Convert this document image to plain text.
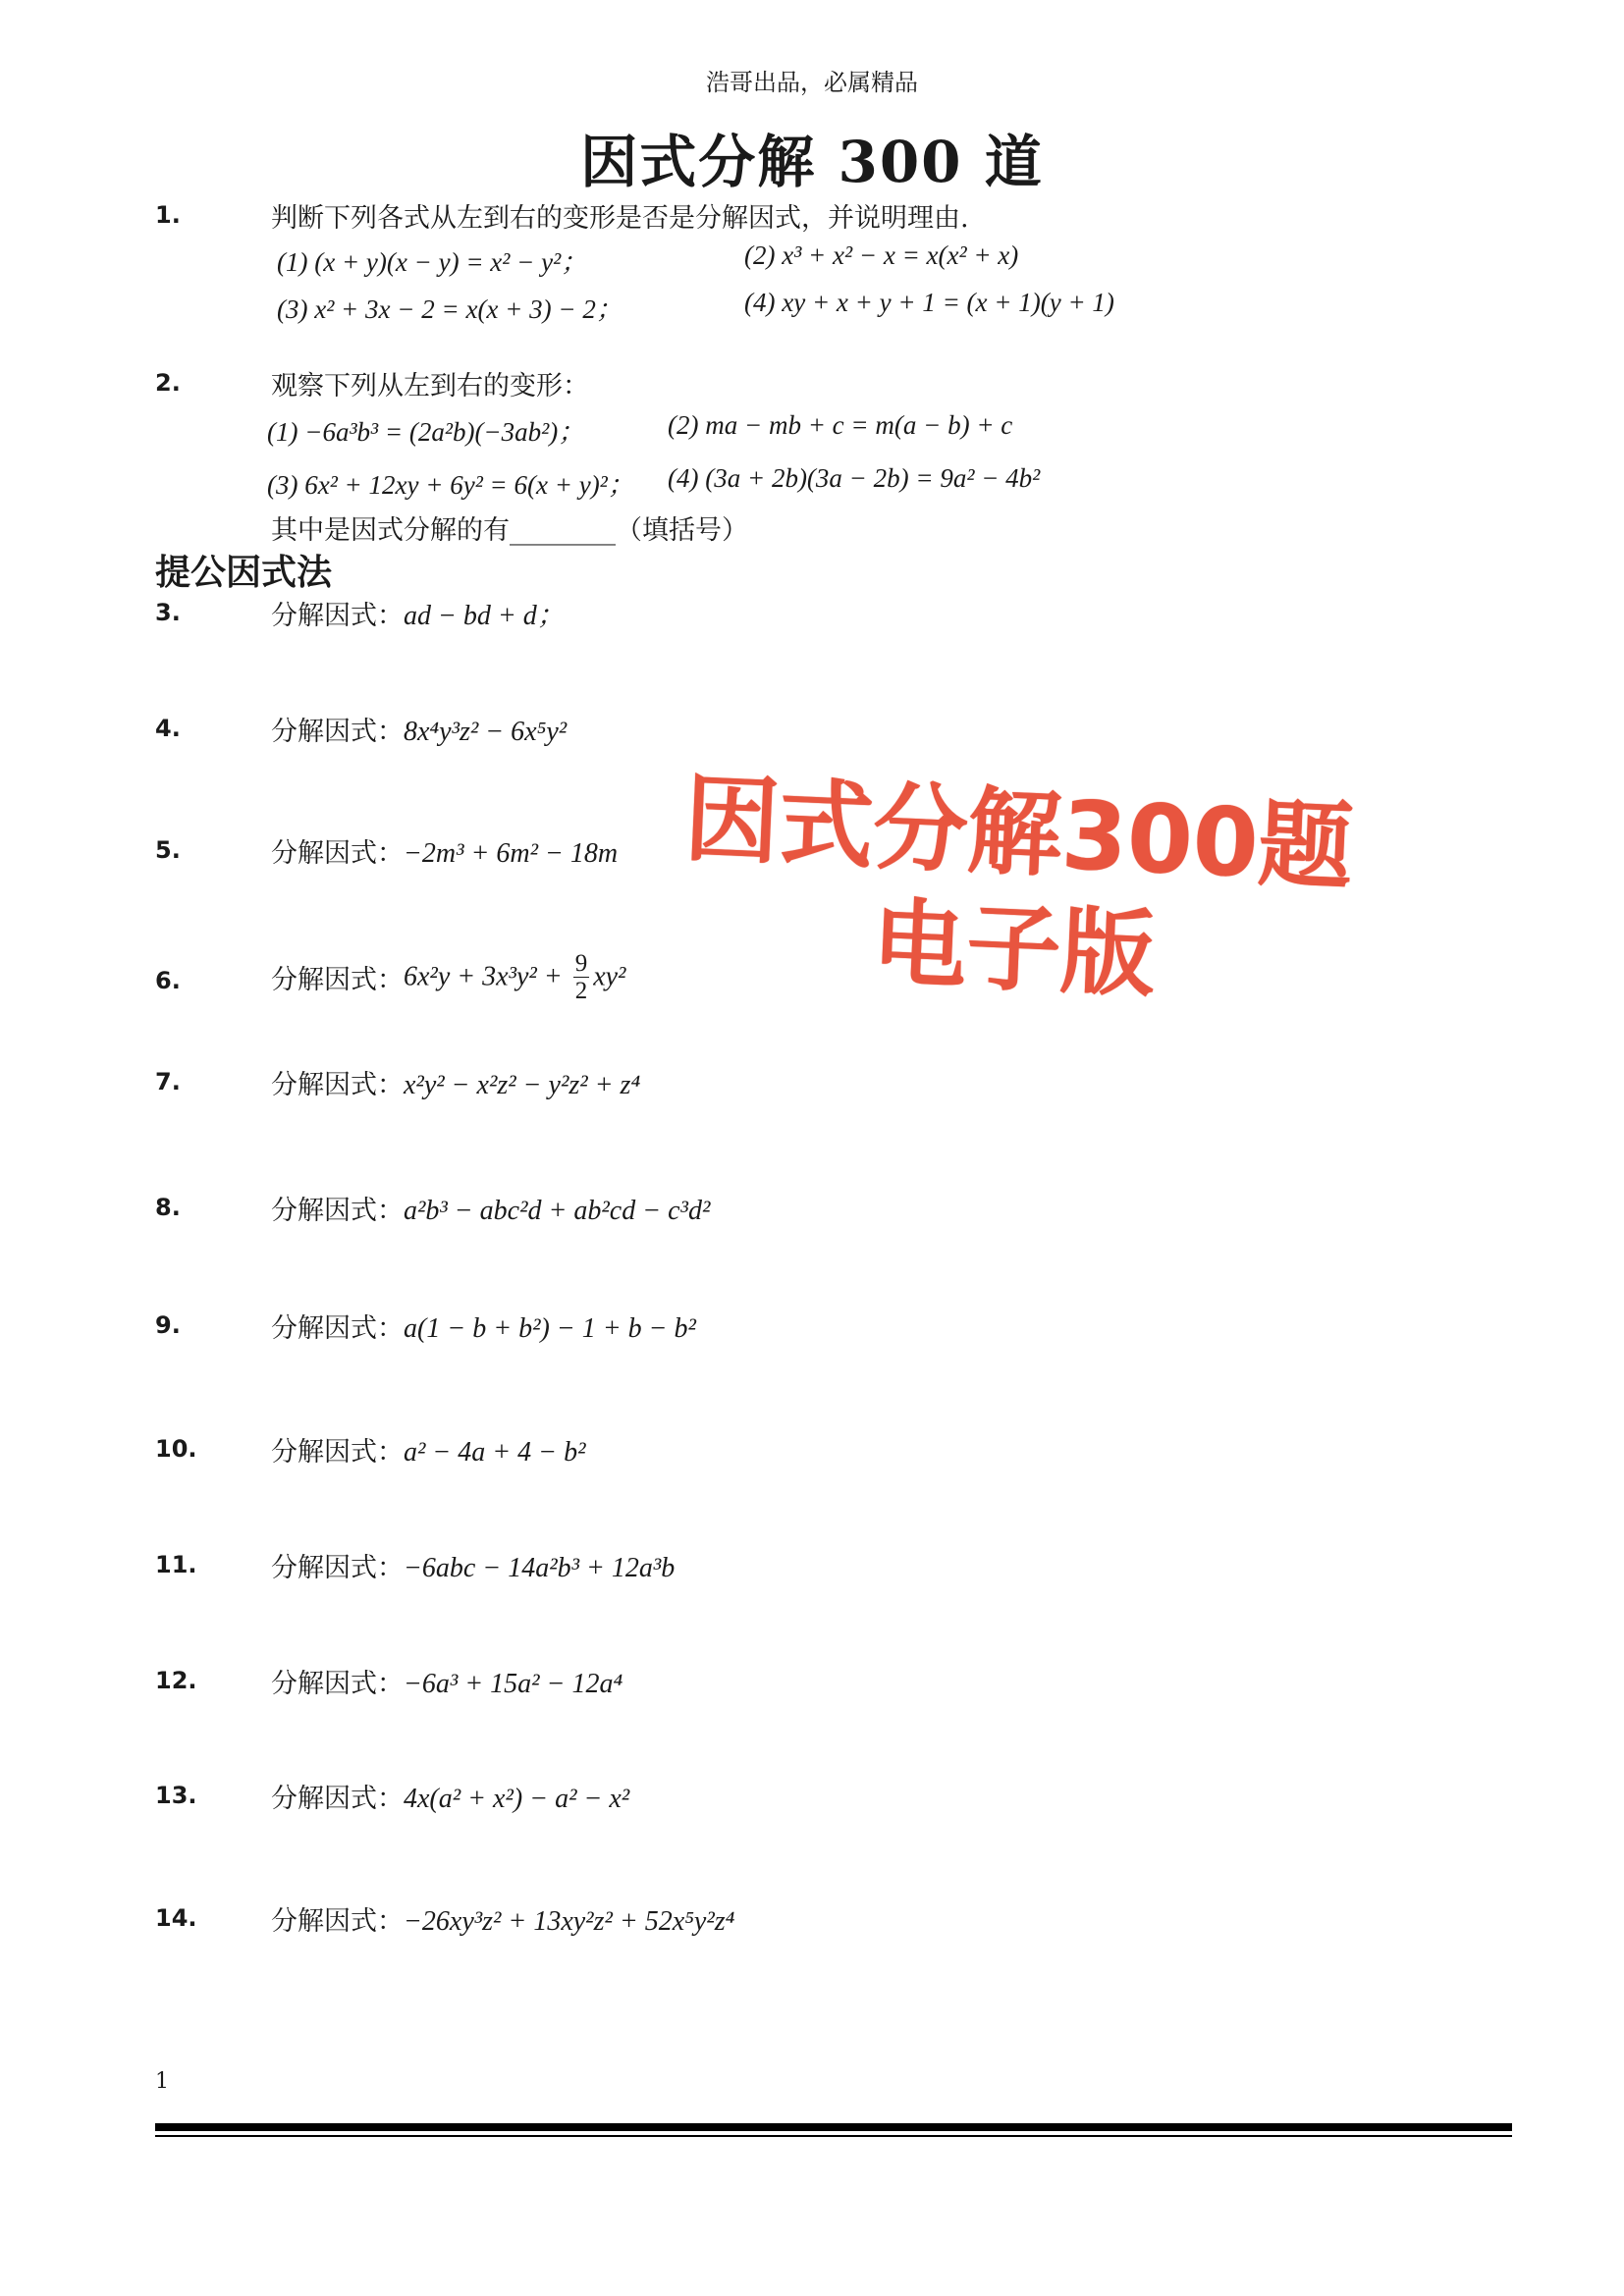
浩哥出品，必属精品
因式分解 300 道
1.	判断下列各式从左到右的变形是否是分解因式，并说明理由.
(1) (x + y)(x − y) = x² − y²；	(2) x³ + x² − x = x(x² + x)
(3) x² + 3x − 2 = x(x + 3) − 2；	(4) xy + x + y + 1 = (x + 1)(y + 1)
2.	观察下列从左到右的变形：
(1) −6a³b³ = (2a²b)(−3ab²)；	(2) ma − mb + c = m(a − b) + c
(3) 6x² + 12xy + 6y² = 6(x + y)²； (4) (3a + 2b)(3a − 2b) = 9a² − 4b²
其中是因式分解的有________（填括号）
提公因式法
3.	分解因式：ad − bd + d；
4.	分解因式：8x⁴y³z² − 6x⁵y²
5.	分解因式：−2m³ + 6m² − 18m
6.	分解因式：$6x^2y + 3x^3y^2 + \frac{9}{2} xy^2$
7.	分解因式：x²y² − x²z² − y²z² + z⁴
8.	分解因式：a²b³ − abc²d + ab²cd − c³d²
9.	分解因式：a(1 − b + b²) − 1 + b − b²
10.	分解因式：a² − 4a + 4 − b²
11.	分解因式：−6abc − 14a²b³ + 12a³b
12.	分解因式：−6a³ + 15a² − 12a⁴
13.	分解因式：4x(a² + x²) − a² − x²
14.	分解因式：−26xy³z² + 13xy²z² + 52x⁵y²z⁴
因式分解300题
电子版
1
